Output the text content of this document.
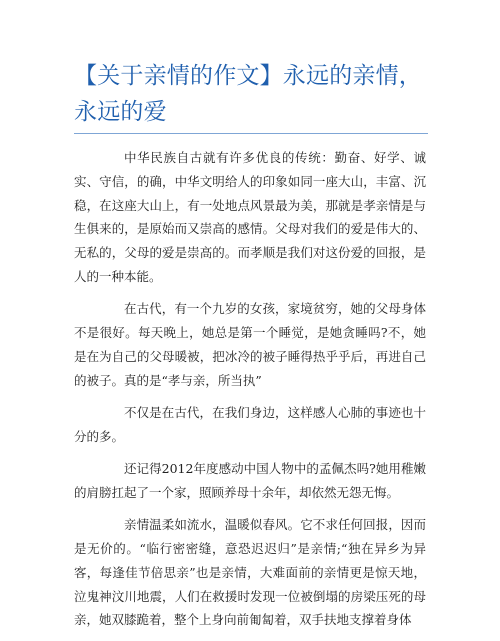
【关于亲情的作文】永远的亲情，永远的爱

中华民族自古就有许多优良的传统：勤奋、好学、诚实、守信，的确，中华文明给人的印象如同一座大山，丰富、沉稳，在这座大山上，有一处地点风景最为美，那就是孝亲情是与生俱来的，是原始而又崇高的感情。父母对我们的爱是伟大的、无私的，父母的爱是崇高的。而孝顺是我们对这份爱的回报，是人的一种本能。

在古代，有一个九岁的女孩，家境贫穷，她的父母身体不是很好。每天晚上，她总是第一个睡觉，是她贪睡吗?不，她是在为自己的父母暖被，把冰冷的被子睡得热乎乎后，再进自己的被子。真的是“孝与亲，所当执”

不仅是在古代，在我们身边，这样感人心肺的事迹也十分的多。

还记得2012年度感动中国人物中的孟佩杰吗?她用稚嫩的肩膀扛起了一个家，照顾养母十余年，却依然无怨无悔。

亲情温柔如流水，温暖似春风。它不求任何回报，因而是无价的。“临行密密缝，意恐迟迟归”是亲情;“独在异乡为异客，每逢佳节倍思亲”也是亲情，大难面前的亲情更是惊天地，泣鬼神汶川地震，人们在救援时发现一位被倒塌的房梁压死的母亲，她双膝跪着，整个上身向前匍匐着，双手扶地支撑着身体
